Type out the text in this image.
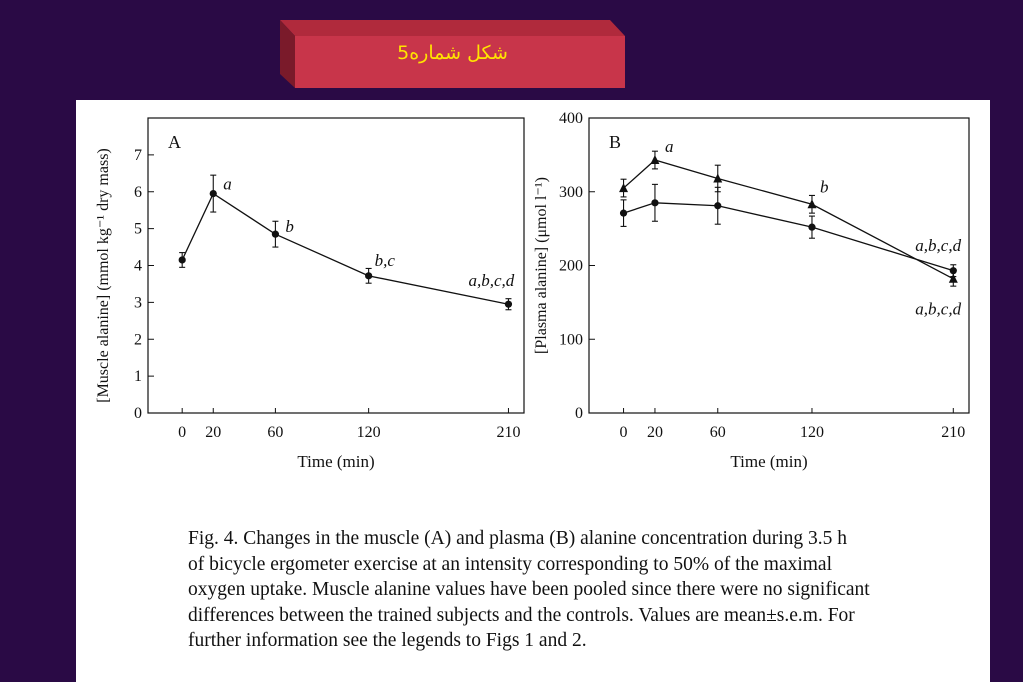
شکل شماره5
0
1
2
3
4
5
6
7
0 20	60	120	210
Time (min)
[Muscle alanine] (mmol kg⁻¹ dry mass)
A
a
b
b,c
a,b,c,d
0
100
200
300
400
0 20	60	120	210
Time (min)
[Plasma alanine] (μmol l⁻¹)
B	a
b
a,b,c,d
a,b,c,d
Fig. 4. Changes in the muscle (A) and plasma (B) alanine concentration during 3.5 h
of bicycle ergometer exercise at an intensity corresponding to 50% of the maximal
oxygen uptake. Muscle alanine values have been pooled since there were no significant
differences between the trained subjects and the controls. Values are mean±s.e.m. For
further information see the legends to Figs 1 and 2.
